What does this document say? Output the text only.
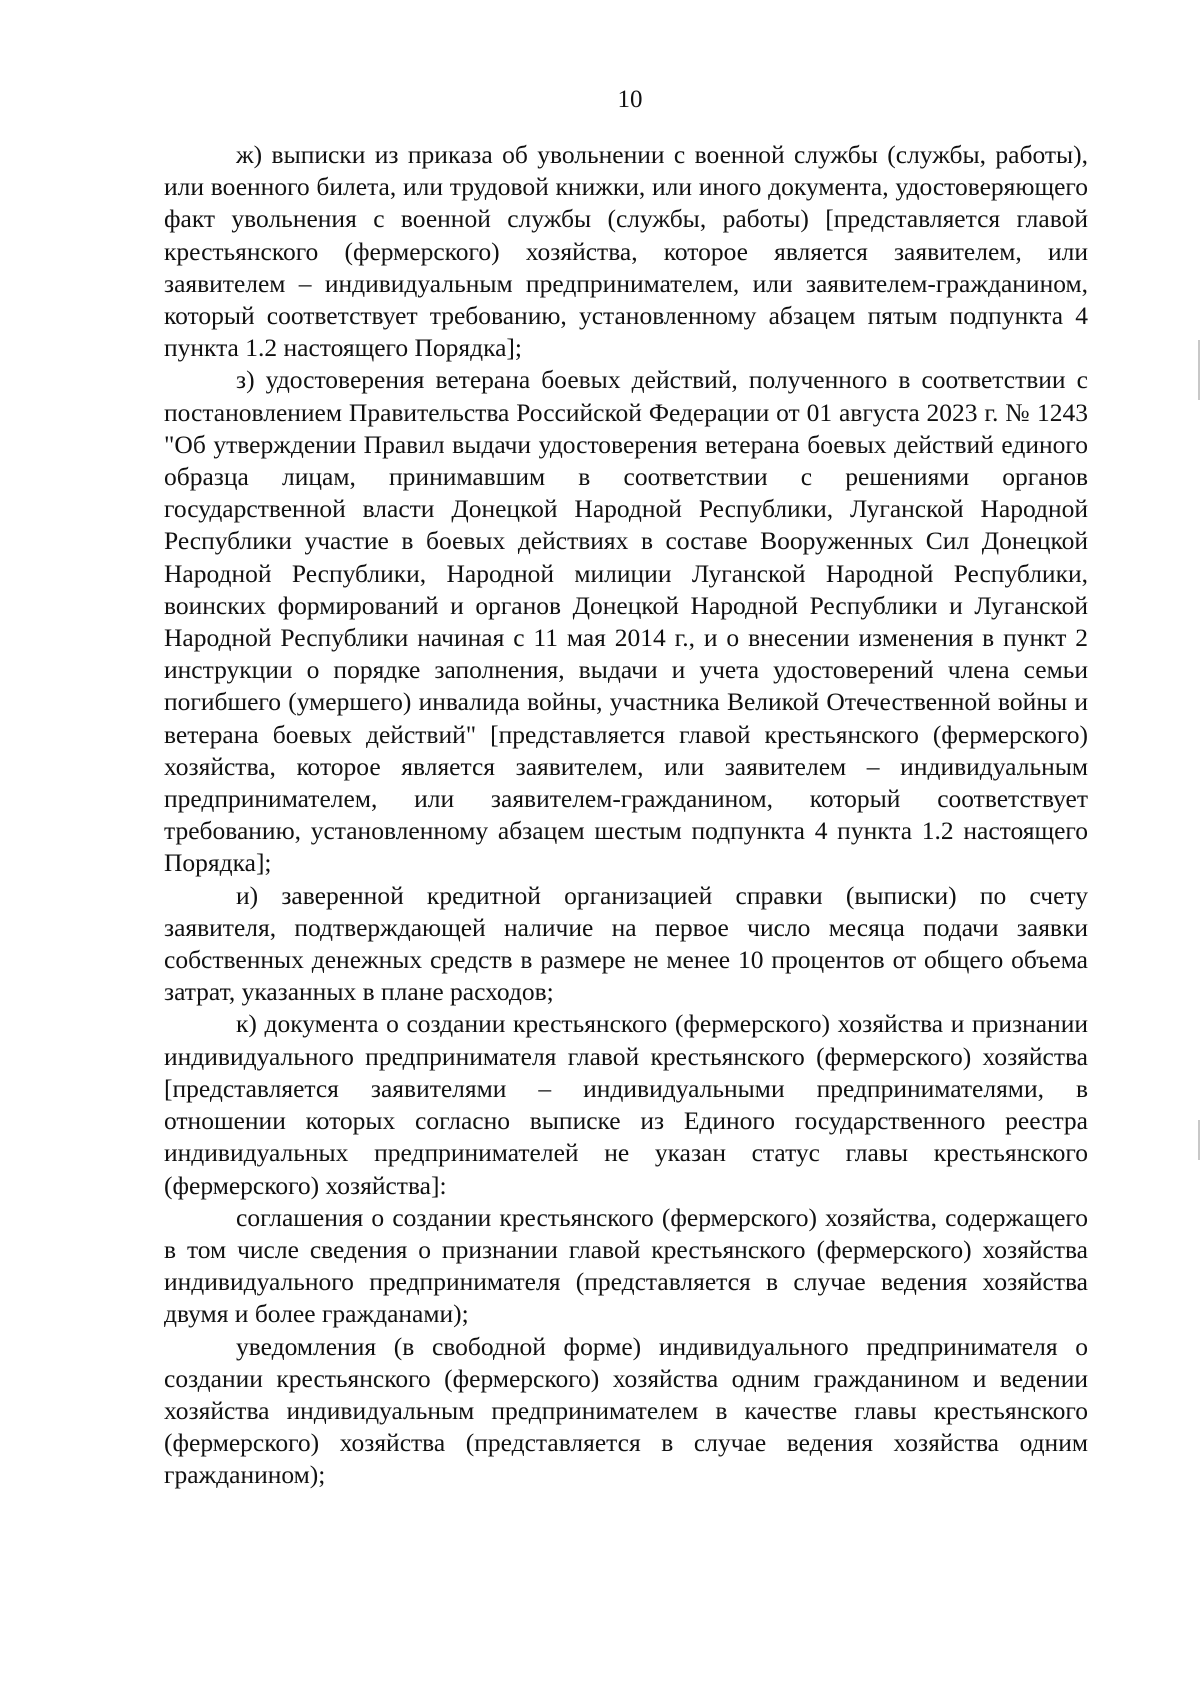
10

ж) выписки из приказа об увольнении с военной службы (службы, работы), или военного билета, или трудовой книжки, или иного документа, удостоверяющего факт увольнения с военной службы (службы, работы) [представляется главой крестьянского (фермерского) хозяйства, которое является заявителем, или заявителем – индивидуальным предпринимателем, или заявителем-гражданином, который соответствует требованию, установленному абзацем пятым подпункта 4 пункта 1.2 настоящего Порядка];

з) удостоверения ветерана боевых действий, полученного в соответствии с постановлением Правительства Российской Федерации от 01 августа 2023 г. № 1243 "Об утверждении Правил выдачи удостоверения ветерана боевых действий единого образца лицам, принимавшим в соответствии с решениями органов государственной власти Донецкой Народной Республики, Луганской Народной Республики участие в боевых действиях в составе Вооруженных Сил Донецкой Народной Республики, Народной милиции Луганской Народной Республики, воинских формирований и органов Донецкой Народной Республики и Луганской Народной Республики начиная с 11 мая 2014 г., и о внесении изменения в пункт 2 инструкции о порядке заполнения, выдачи и учета удостоверений члена семьи погибшего (умершего) инвалида войны, участника Великой Отечественной войны и ветерана боевых действий" [представляется главой крестьянского (фермерского) хозяйства, которое является заявителем, или заявителем – индивидуальным предпринимателем, или заявителем-гражданином, который соответствует требованию, установленному абзацем шестым подпункта 4 пункта 1.2 настоящего Порядка];

и) заверенной кредитной организацией справки (выписки) по счету заявителя, подтверждающей наличие на первое число месяца подачи заявки собственных денежных средств в размере не менее 10 процентов от общего объема затрат, указанных в плане расходов;

к) документа о создании крестьянского (фермерского) хозяйства и признании индивидуального предпринимателя главой крестьянского (фермерского) хозяйства [представляется заявителями – индивидуальными предпринимателями, в отношении которых согласно выписке из Единого государственного реестра индивидуальных предпринимателей не указан статус главы крестьянского (фермерского) хозяйства]:

соглашения о создании крестьянского (фермерского) хозяйства, содержащего в том числе сведения о признании главой крестьянского (фермерского) хозяйства индивидуального предпринимателя (представляется в случае ведения хозяйства двумя и более гражданами);

уведомления (в свободной форме) индивидуального предпринимателя о создании крестьянского (фермерского) хозяйства одним гражданином и ведении хозяйства индивидуальным предпринимателем в качестве главы крестьянского (фермерского) хозяйства (представляется в случае ведения хозяйства одним гражданином);
